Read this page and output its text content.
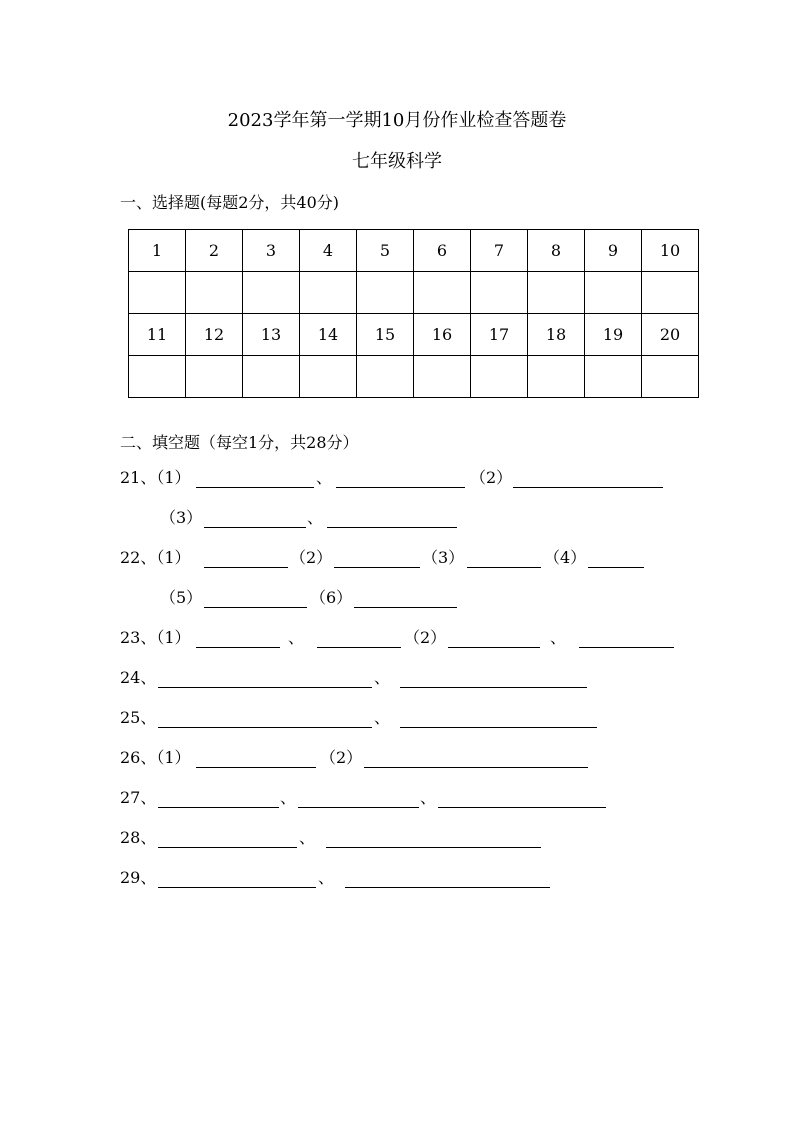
2023学年第一学期10月份作业检查答题卷
七年级科学
一、选择题(每题2分，共40分)
1	2	3	4	5	6	7	8	9	10

11	12	13	14	15	16	17	18	19	20

二、填空题（每空1分，共28分）
21、（1）	、	（2）
（3）	、
22、（1）	（2）	（3）	（4）
（5）	（6）
23、（1）	、	（2）	、
24、	、
25、	、
26、（1）	（2）
27、	、	、
28、	、
29、	、
